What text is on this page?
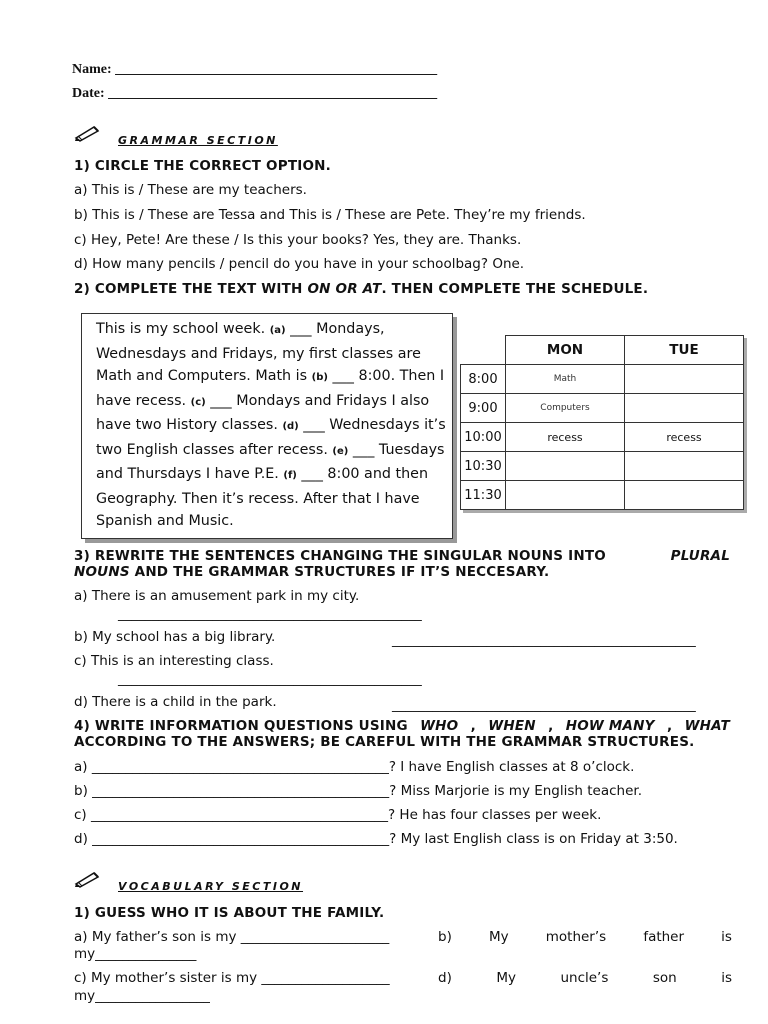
Name: ______________________________________________
Date: _______________________________________________
GRAMMAR SECTION
1) CIRCLE THE CORRECT OPTION.
a) This is / These are my teachers.
b) This is / These are Tessa and This is / These are Pete. They’re my friends.
c) Hey, Pete! Are these / Is this your books? Yes, they are. Thanks.
d) How many pencils / pencil do you have in your schoolbag? One.
2) COMPLETE THE TEXT WITH ON OR AT. THEN COMPLETE THE SCHEDULE.
3) REWRITE THE SENTENCES CHANGING THE SINGULAR NOUNS INTO	PLURAL
NOUNS AND THE GRAMMAR STRUCTURES IF IT’S NECCESARY.
This is my school week. (a) ___ Mondays, Wednesdays and Fridays, my first classes are Math and Computers. Math is (b) ___ 8:00. Then I have recess. (c) ___ Mondays and Fridays I also have two History classes. (d) ___ Wednesdays it’s two English classes after recess. (e) ___ Tuesdays and Thursdays I have P.E. (f) ___ 8:00 and then Geography. Then it’s recess. After that I have Spanish and Music.
	MON	TUE
8:00	Math	
9:00	Computers	
10:00	recess	recess
10:30		
11:30		
a) There is an amusement park in my city.
_____________________________________________
b) My school has a big library.	_____________________________________________
c) This is an interesting class.
_____________________________________________
d) There is a child in the park.	_____________________________________________
4) WRITE INFORMATION QUESTIONS USING WHO , WHEN , HOW MANY , WHAT
ACCORDING TO THE ANSWERS; BE CAREFUL WITH THE GRAMMAR STRUCTURES.
a) ____________________________________________? I have English classes at 8 o’clock.
b) ____________________________________________? Miss Marjorie is my English teacher.
c) ____________________________________________? He has four classes per week.
d) ____________________________________________? My last English class is on Friday at 3:50.
VOCABULARY SECTION
1) GUESS WHO IT IS ABOUT THE FAMILY.
a) My father’s son is my ______________________	b)	My	mother’s	father	is
my_______________
c) My mother’s sister is my ___________________	d)	My	uncle’s	son	is
my_________________
